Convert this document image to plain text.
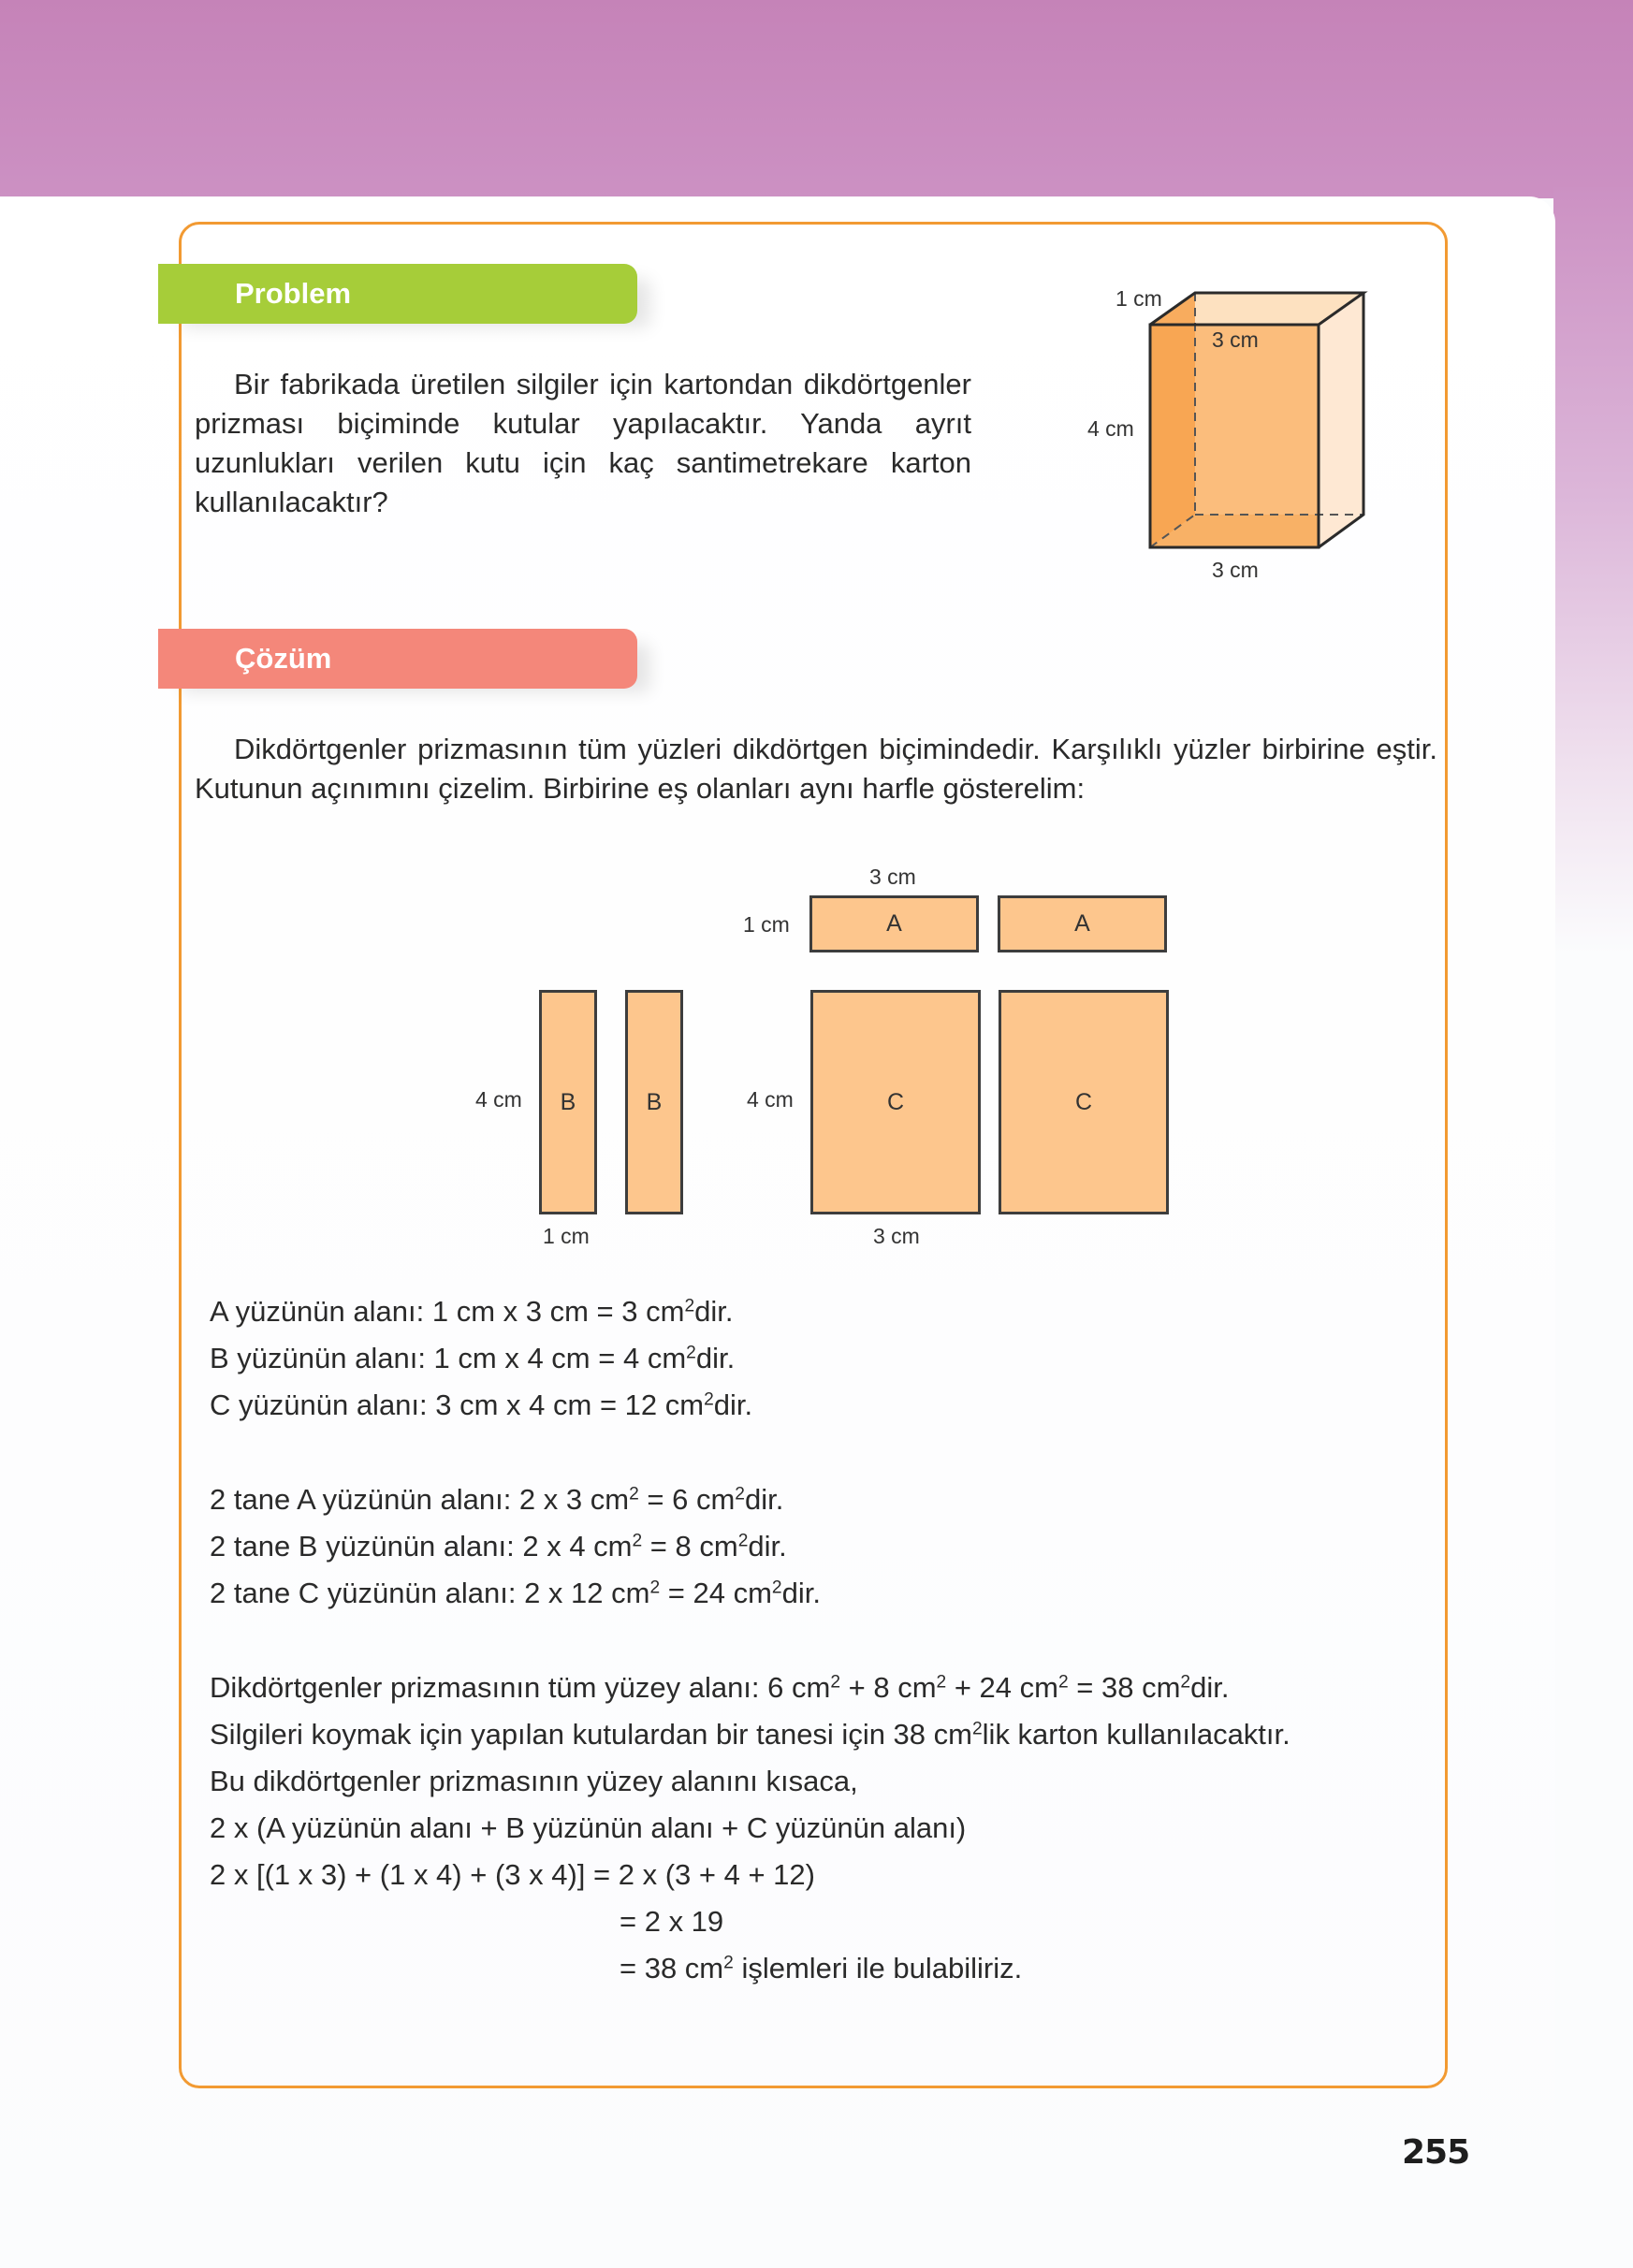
Problem
Bir fabrikada üretilen silgiler için kartondan dikdörtgenler prizması biçiminde kutular yapılacaktır. Yanda ayrıt uzunlukları verilen kutu için kaç santimetrekare karton kullanılacaktır?
1 cm
3 cm
4 cm
3 cm
Çözüm
Dikdörtgenler prizmasının tüm yüzleri dikdörtgen biçimindedir. Karşılıklı yüzler birbirine eştir. Kutunun açınımını çizelim. Birbirine eş olanları aynı harfle gösterelim:
3 cm
1 cm	A	A
4 cm	B	B
1 cm
4 cm	C	C
3 cm
A yüzünün alanı: 1 cm x 3 cm = 3 $cm^2dir$.
B yüzünün alanı: 1 cm x 4 cm = 4 $cm^2dir$.
C yüzünün alanı: 3 cm x 4 cm = 12 $cm^2dir$.
2 tane A yüzünün alanı: 2 x 3 $cm^2 = 6$ $cm^2dir$.
2 tane B yüzünün alanı: 2 x 4 $cm^2 = 8$ $cm^2dir$.
2 tane C yüzünün alanı: 2 x 12 $cm^2 = 24$ $cm^2dir$.
Dikdörtgenler prizmasının tüm yüzey alanı: 6 $cm^2 + 8$ $cm^2 + 24$ $cm^2 = 38$ $cm^2dir$.
Silgileri koymak için yapılan kutulardan bir tanesi için 38 $cm^2lik$ karton kullanılacaktır.
Bu dikdörtgenler prizmasının yüzey alanını kısaca,
2 x (A yüzünün alanı + B yüzünün alanı + C yüzünün alanı)
2 x [(1 x 3) + (1 x 4) + (3 x 4)] = 2 x (3 + 4 + 12)
= 2 x 19
= 38 $cm^2$ işlemleri ile bulabiliriz.
255
